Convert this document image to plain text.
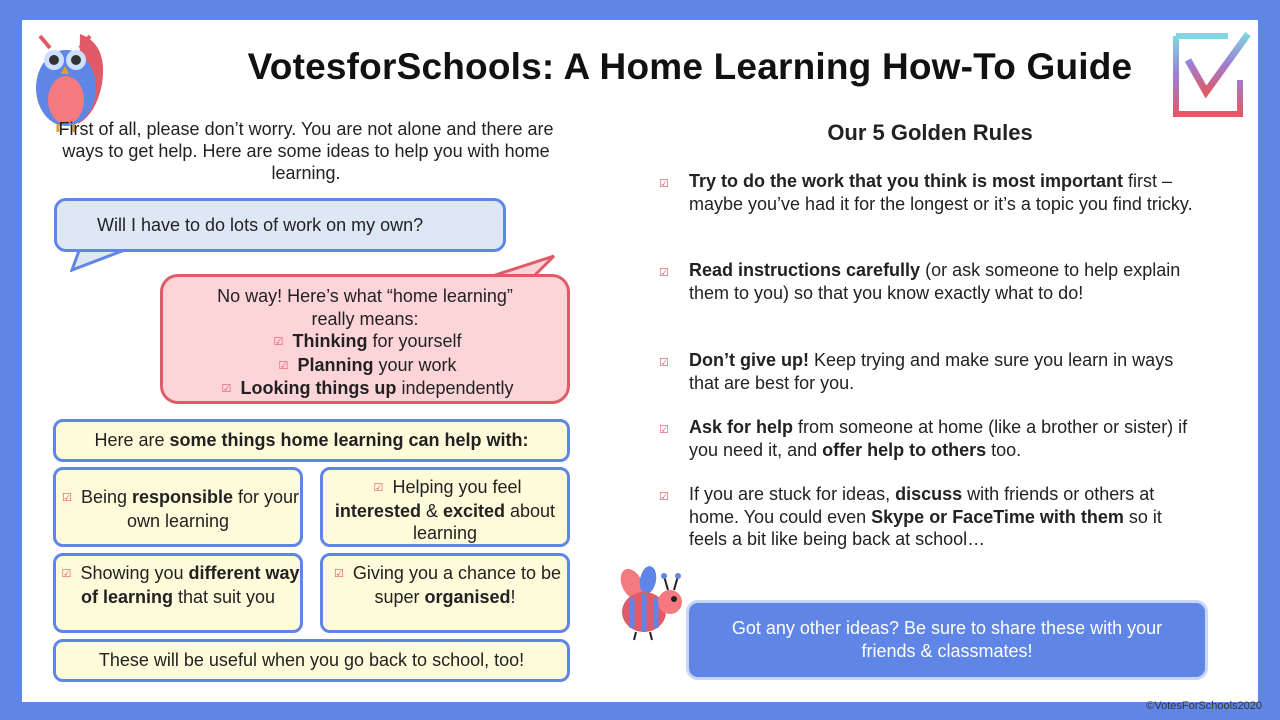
VotesforSchools: A Home Learning How-To Guide
First of all, please don’t worry. You are not alone and there are ways to get help. Here are some ideas to help you with home learning.
Will I have to do lots of work on my own?
No way! Here’s what “home learning”
really means:
☑ Thinking for yourself
☑ Planning your work
☑ Looking things up independently
Here are some things home learning can help with:
☑ Being responsible for your own learning
☑ Helping you feel interested & excited about learning
☑ Showing you different way of learning that suit you
☑ Giving you a chance to be super organised!
These will be useful when you go back to school, too!
Our 5 Golden Rules
☑ Try to do the work that you think is most important first – maybe you’ve had it for the longest or it’s a topic you find tricky.
☑ Read instructions carefully (or ask someone to help explain them to you) so that you know exactly what to do!
☑ Don’t give up! Keep trying and make sure you learn in ways that are best for you.
☑ Ask for help from someone at home (like a brother or sister) if you need it, and offer help to others too.
☑ If you are stuck for ideas, discuss with friends or others at home. You could even Skype or FaceTime with them so it feels a bit like being back at school…
Got any other ideas? Be sure to share these with your friends & classmates!
©VotesForSchools2020
